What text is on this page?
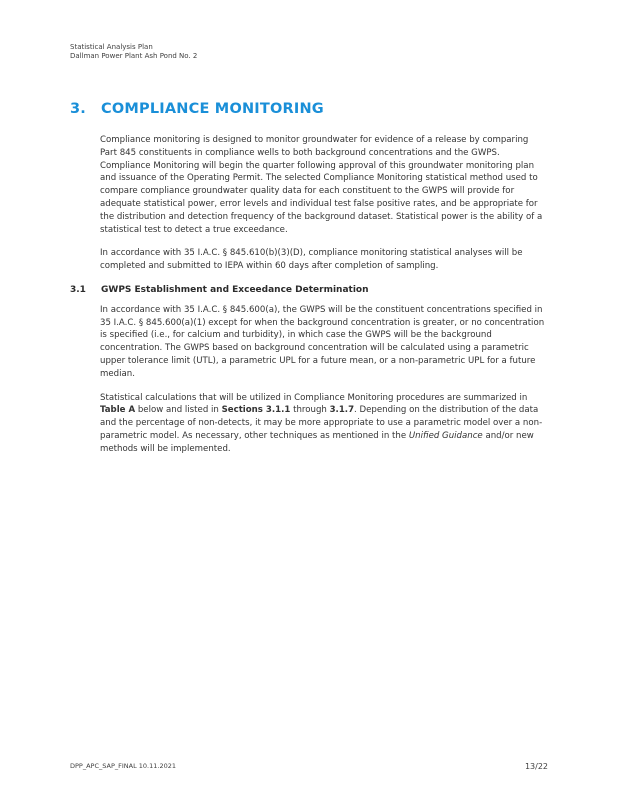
Statistical Analysis Plan
Dallman Power Plant Ash Pond No. 2
3.	COMPLIANCE MONITORING

Compliance monitoring is designed to monitor groundwater for evidence of a release by comparing Part 845 constituents in compliance wells to both background concentrations and the GWPS. Compliance Monitoring will begin the quarter following approval of this groundwater monitoring plan and issuance of the Operating Permit. The selected Compliance Monitoring statistical method used to compare compliance groundwater quality data for each constituent to the GWPS will provide for adequate statistical power, error levels and individual test false positive rates, and be appropriate for the distribution and detection frequency of the background dataset. Statistical power is the ability of a statistical test to detect a true exceedance.

In accordance with 35 I.A.C. § 845.610(b)(3)(D), compliance monitoring statistical analyses will be completed and submitted to IEPA within 60 days after completion of sampling.

3.1	GWPS Establishment and Exceedance Determination

In accordance with 35 I.A.C. § 845.600(a), the GWPS will be the constituent concentrations specified in 35 I.A.C. § 845.600(a)(1) except for when the background concentration is greater, or no concentration is specified (i.e., for calcium and turbidity), in which case the GWPS will be the background concentration. The GWPS based on background concentration will be calculated using a parametric upper tolerance limit (UTL), a parametric UPL for a future mean, or a non-parametric UPL for a future median.

Statistical calculations that will be utilized in Compliance Monitoring procedures are summarized in Table A below and listed in Sections 3.1.1 through 3.1.7. Depending on the distribution of the data and the percentage of non-detects, it may be more appropriate to use a parametric model over a non-parametric model. As necessary, other techniques as mentioned in the Unified Guidance and/or new methods will be implemented.

DPP_APC_SAP_FINAL 10.11.2021	13/22
